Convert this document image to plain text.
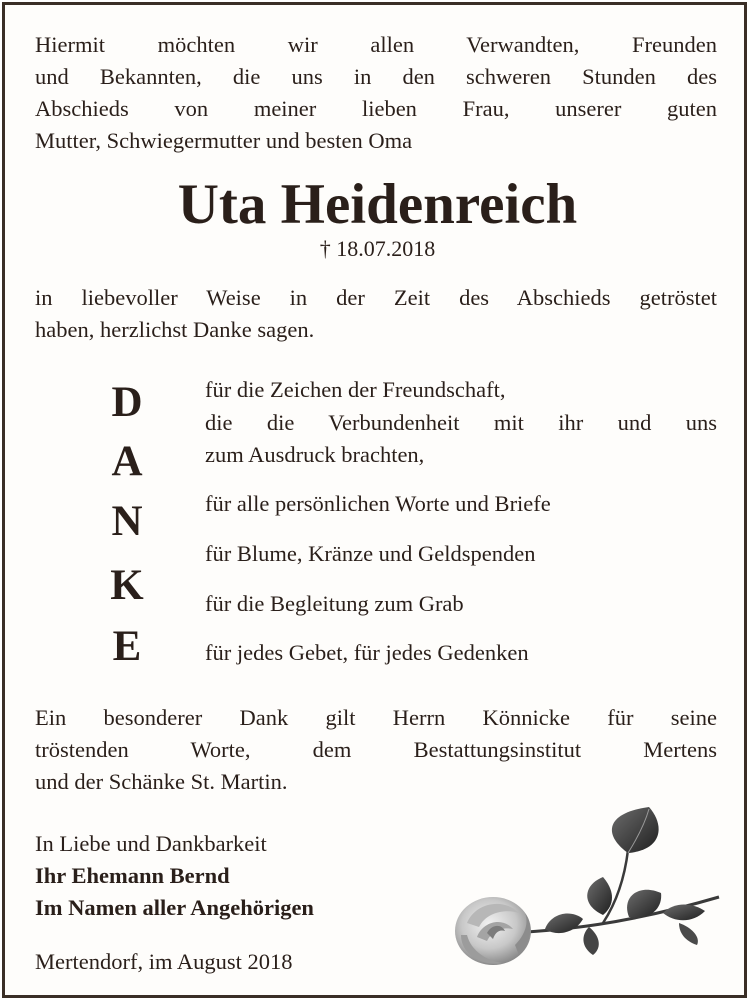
Hiermit möchten wir allen Verwandten, Freunden
und Bekannten, die uns in den schweren Stunden des
Abschieds von meiner lieben Frau, unserer guten
Mutter, Schwiegermutter und besten Oma
Uta Heidenreich
† 18.07.2018
in liebevoller Weise in der Zeit des Abschieds getröstet
haben, herzlichst Danke sagen.
D
A
N
K
E
für die Zeichen der Freundschaft,
die die Verbundenheit mit ihr und uns
zum Ausdruck brachten,
für alle persönlichen Worte und Briefe
für Blume, Kränze und Geldspenden
für die Begleitung zum Grab
für jedes Gebet, für jedes Gedenken
Ein besonderer Dank gilt Herrn Könnicke für seine
tröstenden Worte, dem Bestattungsinstitut Mertens
und der Schänke St. Martin.
In Liebe und Dankbarkeit
Ihr Ehemann Bernd
Im Namen aller Angehörigen
Mertendorf, im August 2018
